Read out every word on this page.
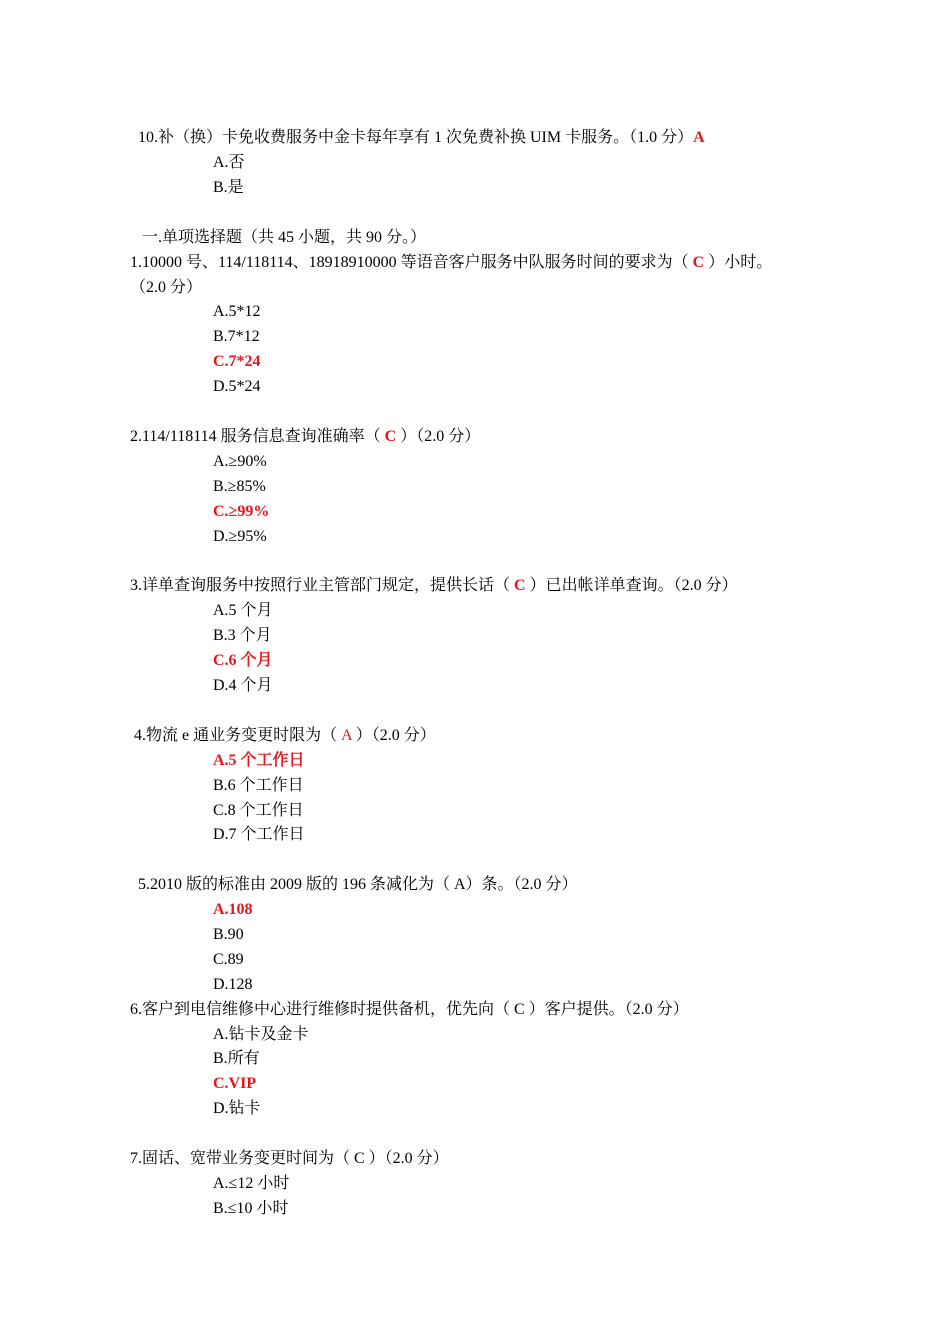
10.补（换）卡免收费服务中金卡每年享有 1 次免费补换 UIM 卡服务。（1.0 分）A
A.否
B.是
一.单项选择题（共 45 小题，共 90 分。）
1.10000 号、114/118114、18918910000 等语音客户服务中队服务时间的要求为（ C ）小时。
（2.0 分）
A.5*12
B.7*12
C.7*24
D.5*24
2.114/118114 服务信息查询准确率（ C ）（2.0 分）
A.≥90%
B.≥85%
C.≥99%
D.≥95%
3.详单查询服务中按照行业主管部门规定，提供长话（ C ）已出帐详单查询。（2.0 分）
A.5 个月
B.3 个月
C.6 个月
D.4 个月
4.物流 e 通业务变更时限为（ A ）（2.0 分）
A.5 个工作日
B.6 个工作日
C.8 个工作日
D.7 个工作日
5.2010 版的标准由 2009 版的 196 条减化为（ A）条。（2.0 分）
A.108
B.90
C.89
D.128
6.客户到电信维修中心进行维修时提供备机，优先向（ C ）客户提供。（2.0 分）
A.钻卡及金卡
B.所有
C.VIP
D.钻卡
7.固话、宽带业务变更时间为（ C ）（2.0 分）
A.≤12 小时
B.≤10 小时
